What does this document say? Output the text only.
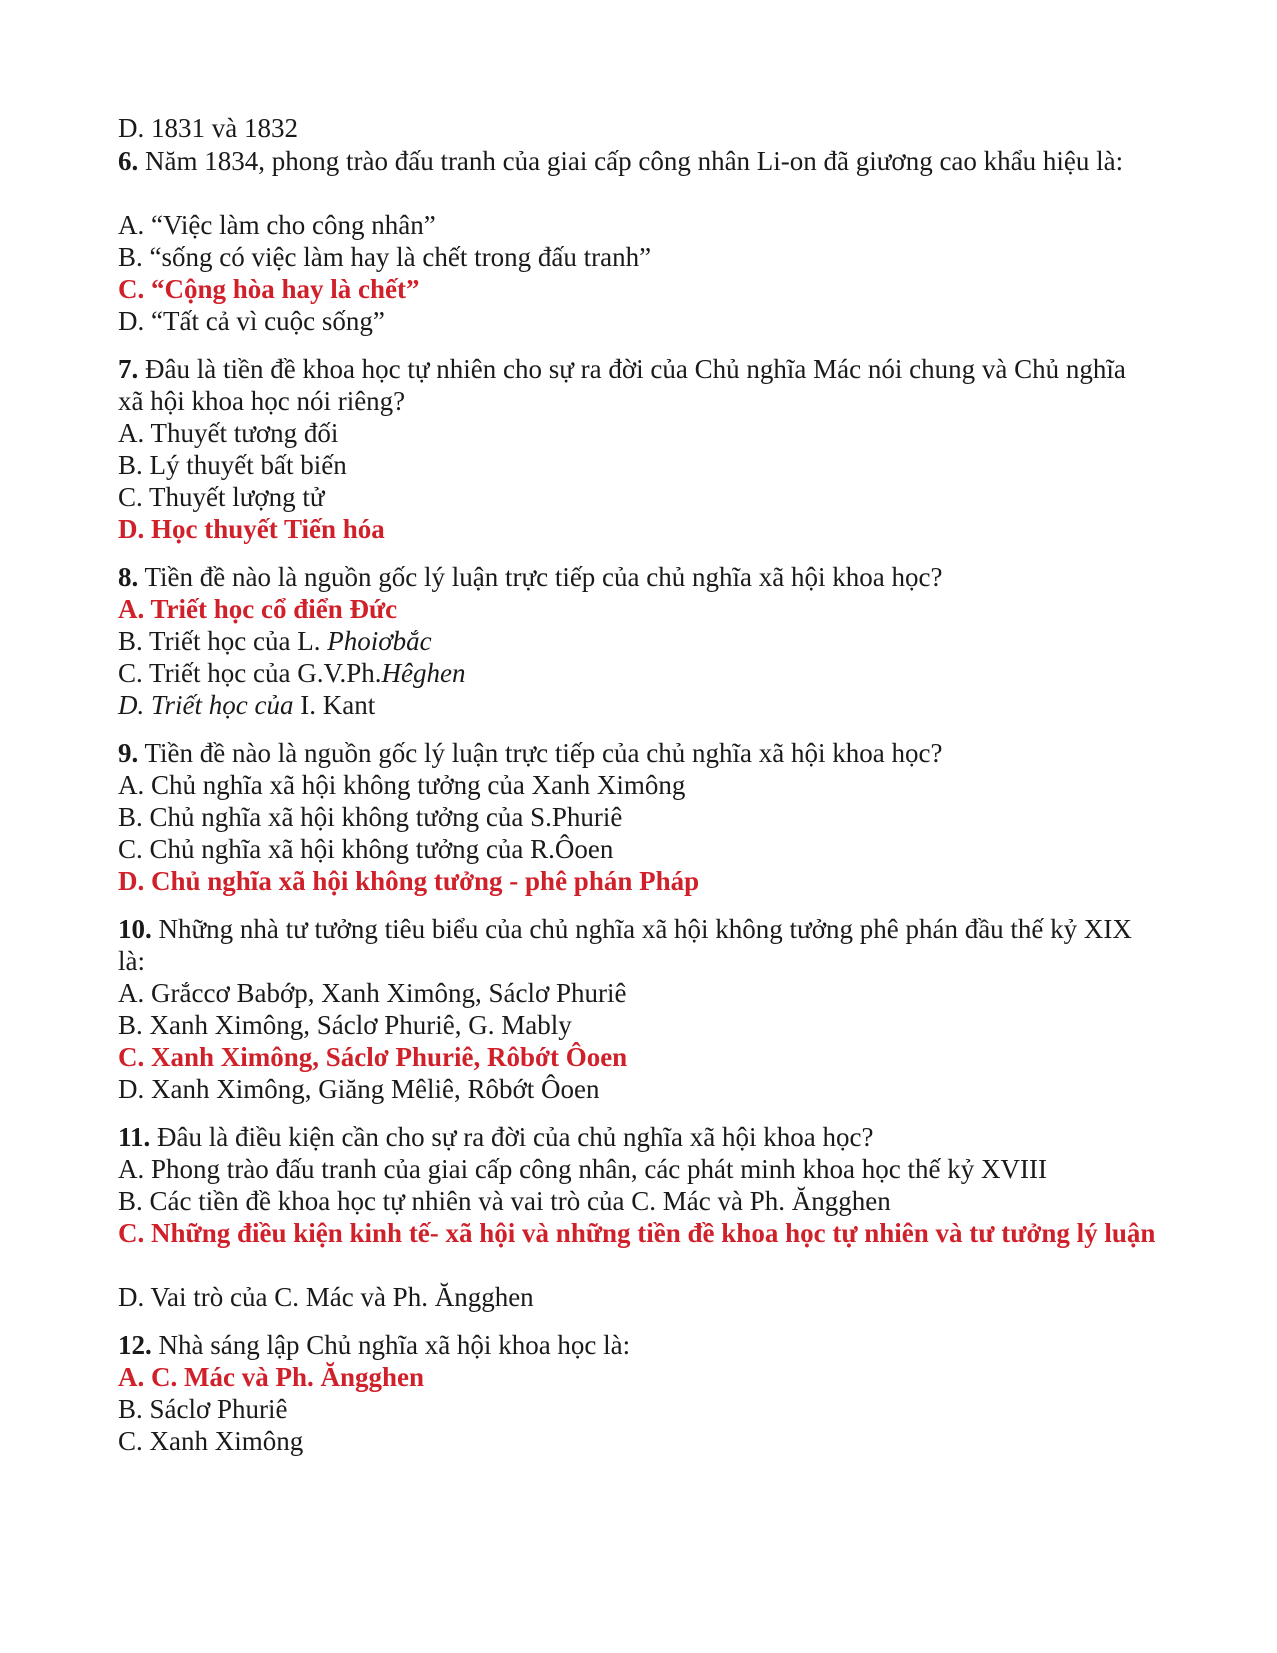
D. 1831 và 1832
6. Năm 1834, phong trào đấu tranh của giai cấp công nhân Li-on đã giương cao khẩu hiệu là:
A. “Việc làm cho công nhân”
B. “sống có việc làm hay là chết trong đấu tranh”
C. “Cộng hòa hay là chết”
D. “Tất cả vì cuộc sống”
7. Đâu là tiền đề khoa học tự nhiên cho sự ra đời của Chủ nghĩa Mác nói chung và Chủ nghĩa xã hội khoa học nói riêng?
A. Thuyết tương đối
B. Lý thuyết bất biến
C. Thuyết lượng tử
D. Học thuyết Tiến hóa
8. Tiền đề nào là nguồn gốc lý luận trực tiếp của chủ nghĩa xã hội khoa học?
A. Triết học cổ điển Đức
B. Triết học của L. Phoiơbắc
C. Triết học của G.V.Ph.Hêghen
D. Triết học của I. Kant
9. Tiền đề nào là nguồn gốc lý luận trực tiếp của chủ nghĩa xã hội khoa học?
A. Chủ nghĩa xã hội không tưởng của Xanh Ximông
B. Chủ nghĩa xã hội không tưởng của S.Phuriê
C. Chủ nghĩa xã hội không tưởng của R.Ôoen
D. Chủ nghĩa xã hội không tưởng - phê phán Pháp
10. Những nhà tư tưởng tiêu biểu của chủ nghĩa xã hội không tưởng phê phán đầu thế kỷ XIX là:
A. Grắccơ Babớp, Xanh Ximông, Sáclơ Phuriê
B. Xanh Ximông, Sáclơ Phuriê, G. Mably
C. Xanh Ximông, Sáclơ Phuriê, Rôbớt Ôoen
D. Xanh Ximông, Giăng Mêliê, Rôbớt Ôoen
11. Đâu là điều kiện cần cho sự ra đời của chủ nghĩa xã hội khoa học?
A. Phong trào đấu tranh của giai cấp công nhân, các phát minh khoa học thế kỷ XVIII
B. Các tiền đề khoa học tự nhiên và vai trò của C. Mác và Ph. Ăngghen
C. Những điều kiện kinh tế- xã hội và những tiền đề khoa học tự nhiên và tư tưởng lý luận
D. Vai trò của C. Mác và Ph. Ăngghen
12. Nhà sáng lập Chủ nghĩa xã hội khoa học là:
A. C. Mác và Ph. Ăngghen
B. Sáclơ Phuriê
C. Xanh Ximông
